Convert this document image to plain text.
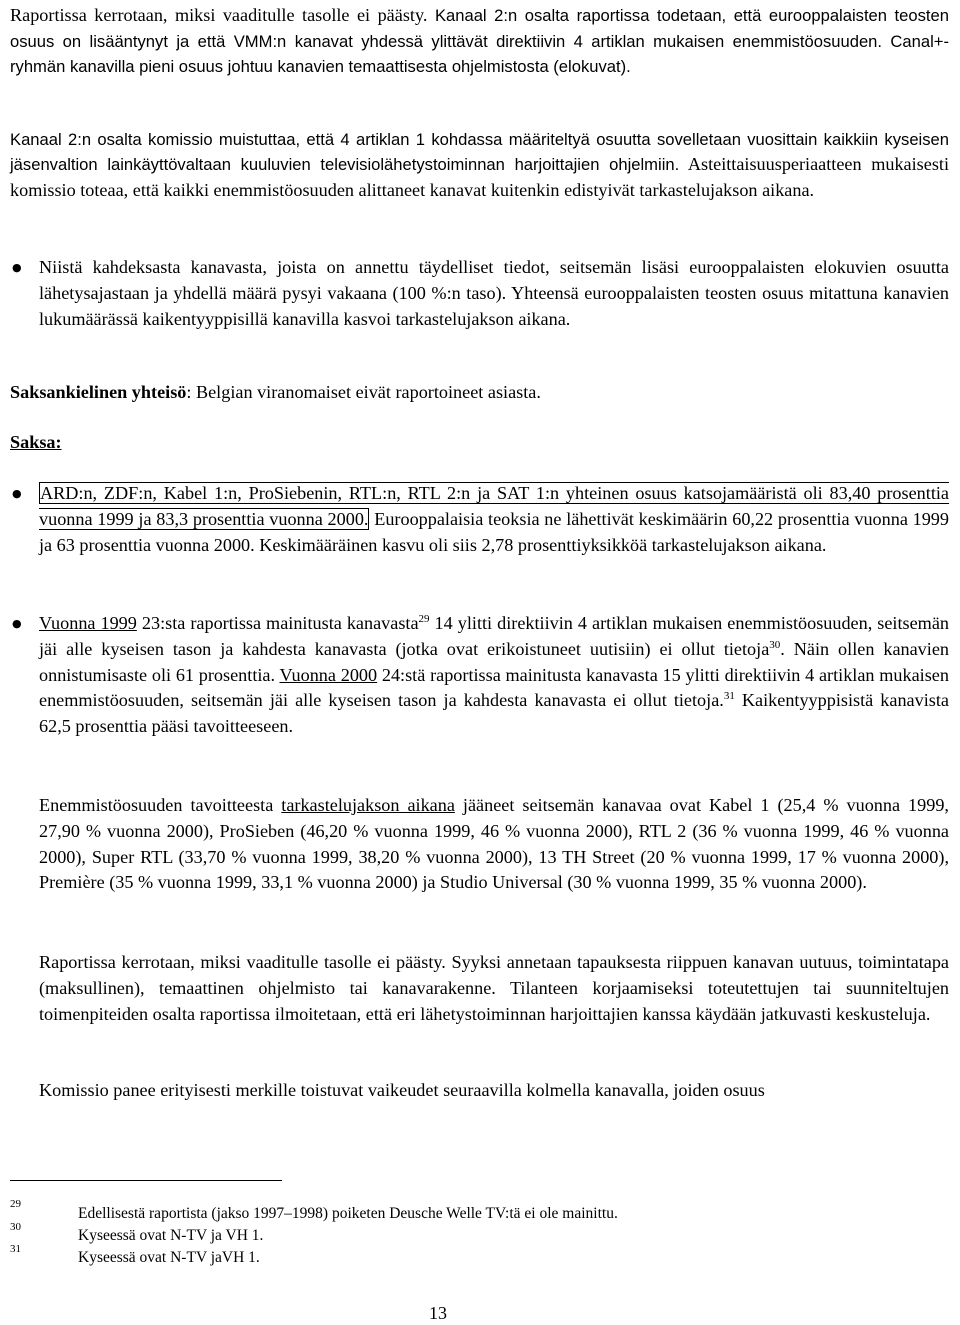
Raportissa kerrotaan, miksi vaaditulle tasolle ei päästy. Kanaal 2:n osalta raportissa todetaan, että eurooppalaisten teosten osuus on lisääntynyt ja että VMM:n kanavat yhdessä ylittävät direktiivin 4 artiklan mukaisen enemmistöosuuden. Canal+-ryhmän kanavilla pieni osuus johtuu kanavien temaattisesta ohjelmistosta (elokuvat).

Kanaal 2:n osalta komissio muistuttaa, että 4 artiklan 1 kohdassa määriteltyä osuutta sovelletaan vuosittain kaikkiin kyseisen jäsenvaltion lainkäyttövaltaan kuuluvien televisiolähetystoiminnan harjoittajien ohjelmiin. Asteittaisuusperiaatteen mukaisesti komissio toteaa, että kaikki enemmistöosuuden alittaneet kanavat kuitenkin edistyivät tarkastelujakson aikana.

● Niistä kahdeksasta kanavasta, joista on annettu täydelliset tiedot, seitsemän lisäsi eurooppalaisten elokuvien osuutta lähetysajastaan ja yhdellä määrä pysyi vakaana (100 %:n taso). Yhteensä eurooppalaisten teosten osuus mitattuna kanavien lukumäärässä kaikentyyppisillä kanavilla kasvoi tarkastelujakson aikana.

Saksankielinen yhteisö: Belgian viranomaiset eivät raportoineet asiasta.

Saksa:

● ARD:n, ZDF:n, Kabel 1:n, ProSiebenin, RTL:n, RTL 2:n ja SAT 1:n yhteinen osuus katsojamääristä oli 83,40 prosenttia vuonna 1999 ja 83,3 prosenttia vuonna 2000. Eurooppalaisia teoksia ne lähettivät keskimäärin 60,22 prosenttia vuonna 1999 ja 63 prosenttia vuonna 2000. Keskimääräinen kasvu oli siis 2,78 prosenttiyksikköä tarkastelujakson aikana.

● Vuonna 1999 23:sta raportissa mainitusta kanavasta$^{29}$ 14 ylitti direktiivin 4 artiklan mukaisen enemmistöosuuden, seitsemän jäi alle kyseisen tason ja kahdesta kanavasta (jotka ovat erikoistuneet uutisiin) ei ollut tietoja$^{30}$. Näin ollen kanavien onnistumisaste oli 61 prosenttia. Vuonna 2000 24:stä raportissa mainitusta kanavasta 15 ylitti direktiivin 4 artiklan mukaisen enemmistöosuuden, seitsemän jäi alle kyseisen tason ja kahdesta kanavasta ei ollut tietoja.$^{31}$ Kaikentyyppisistä kanavista 62,5 prosenttia pääsi tavoitteeseen.

Enemmistöosuuden tavoitteesta tarkastelujakson aikana jääneet seitsemän kanavaa ovat Kabel 1 (25,4 % vuonna 1999, 27,90 % vuonna 2000), ProSieben (46,20 % vuonna 1999, 46 % vuonna 2000), RTL 2 (36 % vuonna 1999, 46 % vuonna 2000), Super RTL (33,70 % vuonna 1999, 38,20 % vuonna 2000), 13 TH Street (20 % vuonna 1999, 17 % vuonna 2000), Première (35 % vuonna 1999, 33,1 % vuonna 2000) ja Studio Universal (30 % vuonna 1999, 35 % vuonna 2000).

Raportissa kerrotaan, miksi vaaditulle tasolle ei päästy. Syyksi annetaan tapauksesta riippuen kanavan uutuus, toimintatapa (maksullinen), temaattinen ohjelmisto tai kanavarakenne. Tilanteen korjaamiseksi toteutettujen tai suunniteltujen toimenpiteiden osalta raportissa ilmoitetaan, että eri lähetystoiminnan harjoittajien kanssa käydään jatkuvasti keskusteluja.

Komissio panee erityisesti merkille toistuvat vaikeudet seuraavilla kolmella kanavalla, joiden osuus

29
Edellisestä raportista (jakso 1997–1998) poiketen Deusche Welle TV:tä ei ole mainittu.
30	Kyseessä ovat N-TV ja VH 1.
31	Kyseessä ovat N-TV jaVH 1.
13
